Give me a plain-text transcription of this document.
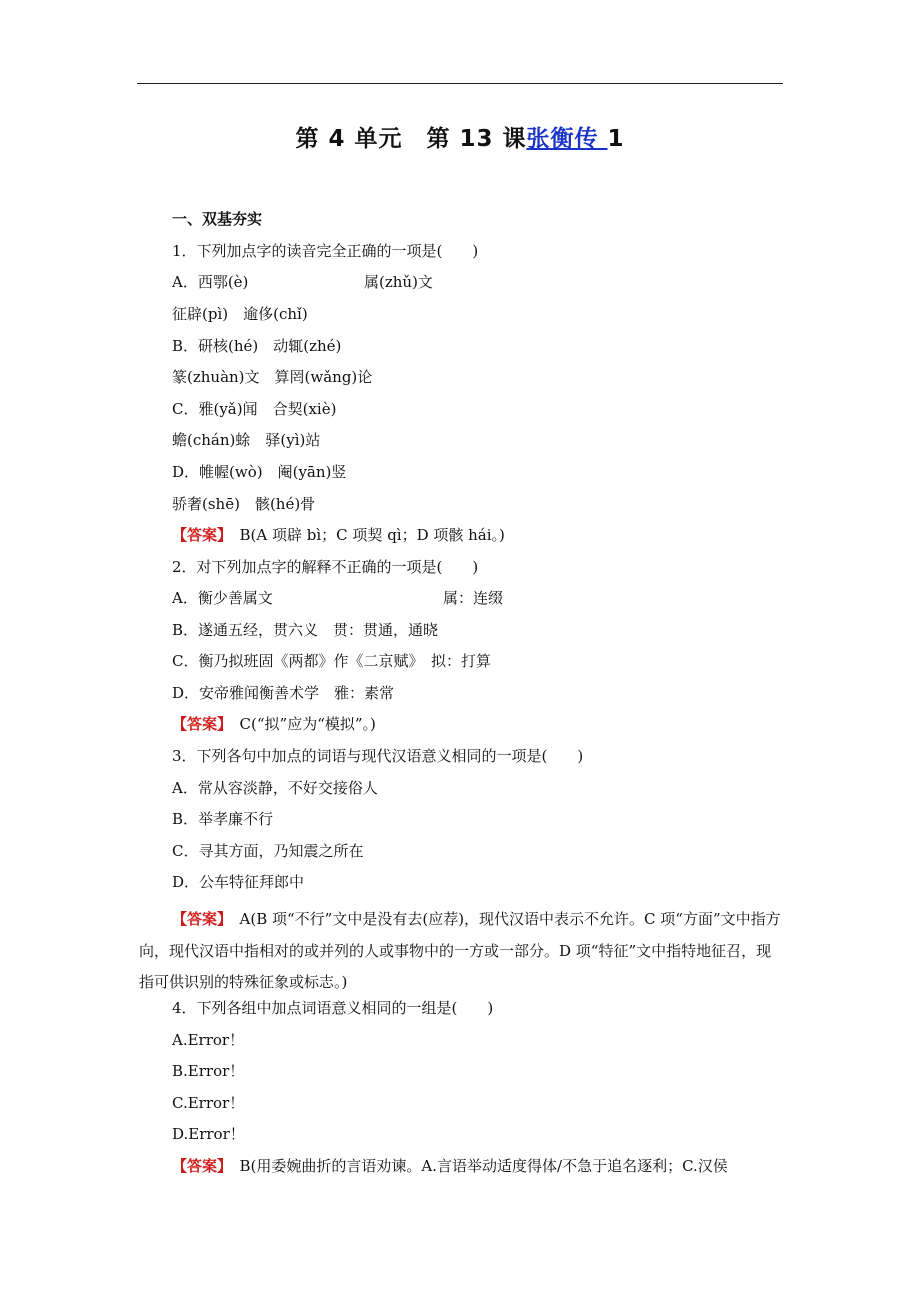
第 4 单元　第 13 课张衡传 1
一、双基夯实
1．下列加点字的读音完全正确的一项是(　　)
A．西鄂(è)	属(zhǔ)文
征辟(pì)　逾侈(chǐ)
B．研核(hé)　动辄(zhé)
篆(zhuàn)文　算罔(wǎng)论
C．雅(yǎ)闻　合契(xiè)
蟾(chán)蜍　驿(yì)站
D．帷幄(wò)　阉(yān)竖
骄奢(shē)　骸(hé)骨
【答案】　 B(A 项辟 bì；C 项契 qì；D 项骸 hái。)
2．对下列加点字的解释不正确的一项是(　　)
A．衡少善属文	属：连缀
B．遂通五经，贯六义　贯：贯通，通晓
C．衡乃拟班固《两都》作《二京赋》　拟：打算
D．安帝雅闻衡善术学　雅：素常
【答案】　 C(“拟”应为“模拟”。)
3．下列各句中加点的词语与现代汉语意义相同的一项是(　　)
A．常从容淡静，不好交接俗人
B．举孝廉不行
C．寻其方面，乃知震之所在
D．公车特征拜郎中
【答案】　 A(B 项“不行”文中是没有去(应荐)，现代汉语中表示不允许。C 项“方面”文中指方向，现代汉语中指相对的或并列的人或事物中的一方或一部分。D 项“特征”文中指特地征召，现指可供识别的特殊征象或标志。)
4．下列各组中加点词语意义相同的一组是(　　)
A.Error！
B.Error！
C.Error！
D.Error！
【答案】　 B(用委婉曲折的言语劝谏。A.言语举动适度得体/不急于追名逐利；C.汉侯
